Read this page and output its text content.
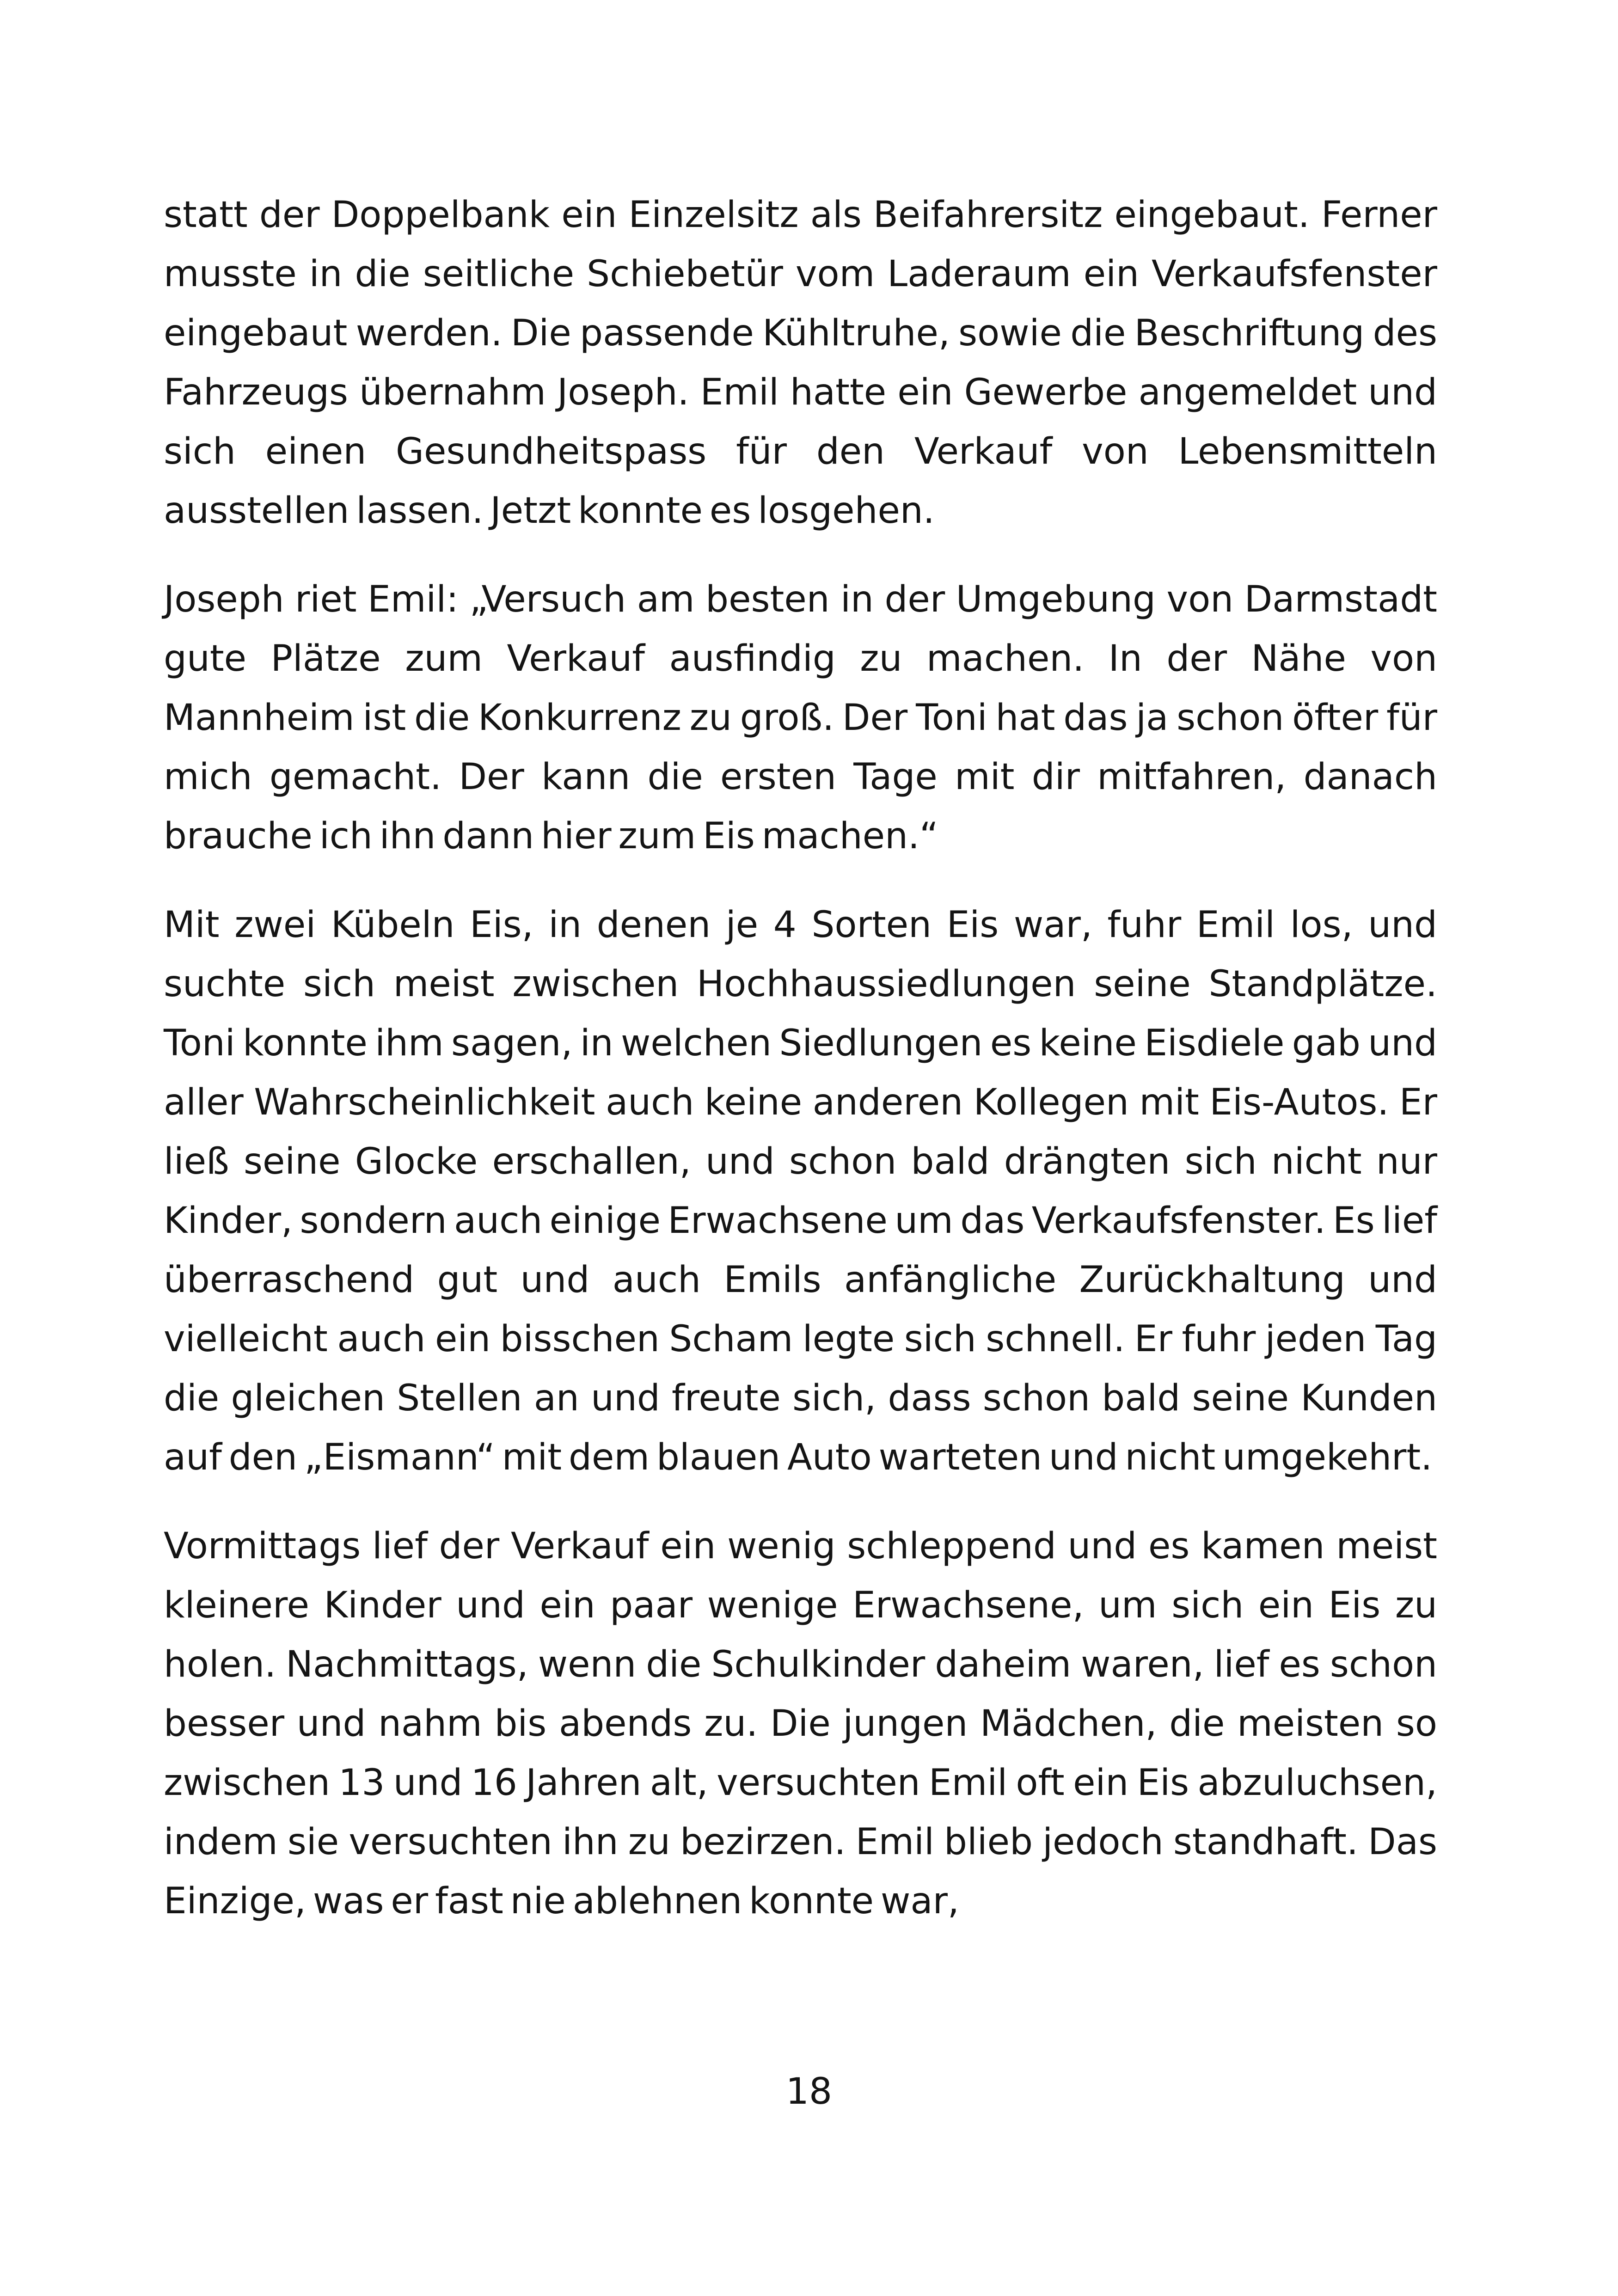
statt der Doppelbank ein Einzelsitz als Beifahrersitz eingebaut. Ferner musste in die seitliche Schiebetür vom Laderaum ein Verkaufsfenster eingebaut werden. Die passende Kühltruhe, sowie die Beschriftung des Fahrzeugs übernahm Joseph. Emil hatte ein Gewerbe angemeldet und sich einen Gesundheitspass für den Verkauf von Lebensmitteln ausstellen lassen. Jetzt konnte es losgehen.

Joseph riet Emil: „Versuch am besten in der Umgebung von Darmstadt gute Plätze zum Verkauf ausfindig zu machen. In der Nähe von Mannheim ist die Konkurrenz zu groß. Der Toni hat das ja schon öfter für mich gemacht. Der kann die ersten Tage mit dir mitfahren, danach brauche ich ihn dann hier zum Eis machen.“

Mit zwei Kübeln Eis, in denen je 4 Sorten Eis war, fuhr Emil los, und suchte sich meist zwischen Hochhaussiedlungen seine Standplätze. Toni konnte ihm sagen, in welchen Siedlungen es keine Eisdiele gab und aller Wahrscheinlichkeit auch keine anderen Kollegen mit Eis-Autos. Er ließ seine Glocke erschallen, und schon bald drängten sich nicht nur Kinder, sondern auch einige Erwachsene um das Verkaufsfenster. Es lief überraschend gut und auch Emils anfängliche Zurückhaltung und vielleicht auch ein bisschen Scham legte sich schnell. Er fuhr jeden Tag die gleichen Stellen an und freute sich, dass schon bald seine Kunden auf den „Eismann“ mit dem blauen Auto warteten und nicht umgekehrt.

Vormittags lief der Verkauf ein wenig schleppend und es kamen meist kleinere Kinder und ein paar wenige Erwachsene, um sich ein Eis zu holen. Nachmittags, wenn die Schulkinder daheim waren, lief es schon besser und nahm bis abends zu. Die jungen Mädchen, die meisten so zwischen 13 und 16 Jahren alt, versuchten Emil oft ein Eis abzuluchsen, indem sie versuchten ihn zu bezirzen. Emil blieb jedoch standhaft. Das Einzige, was er fast nie ablehnen konnte war,

18
